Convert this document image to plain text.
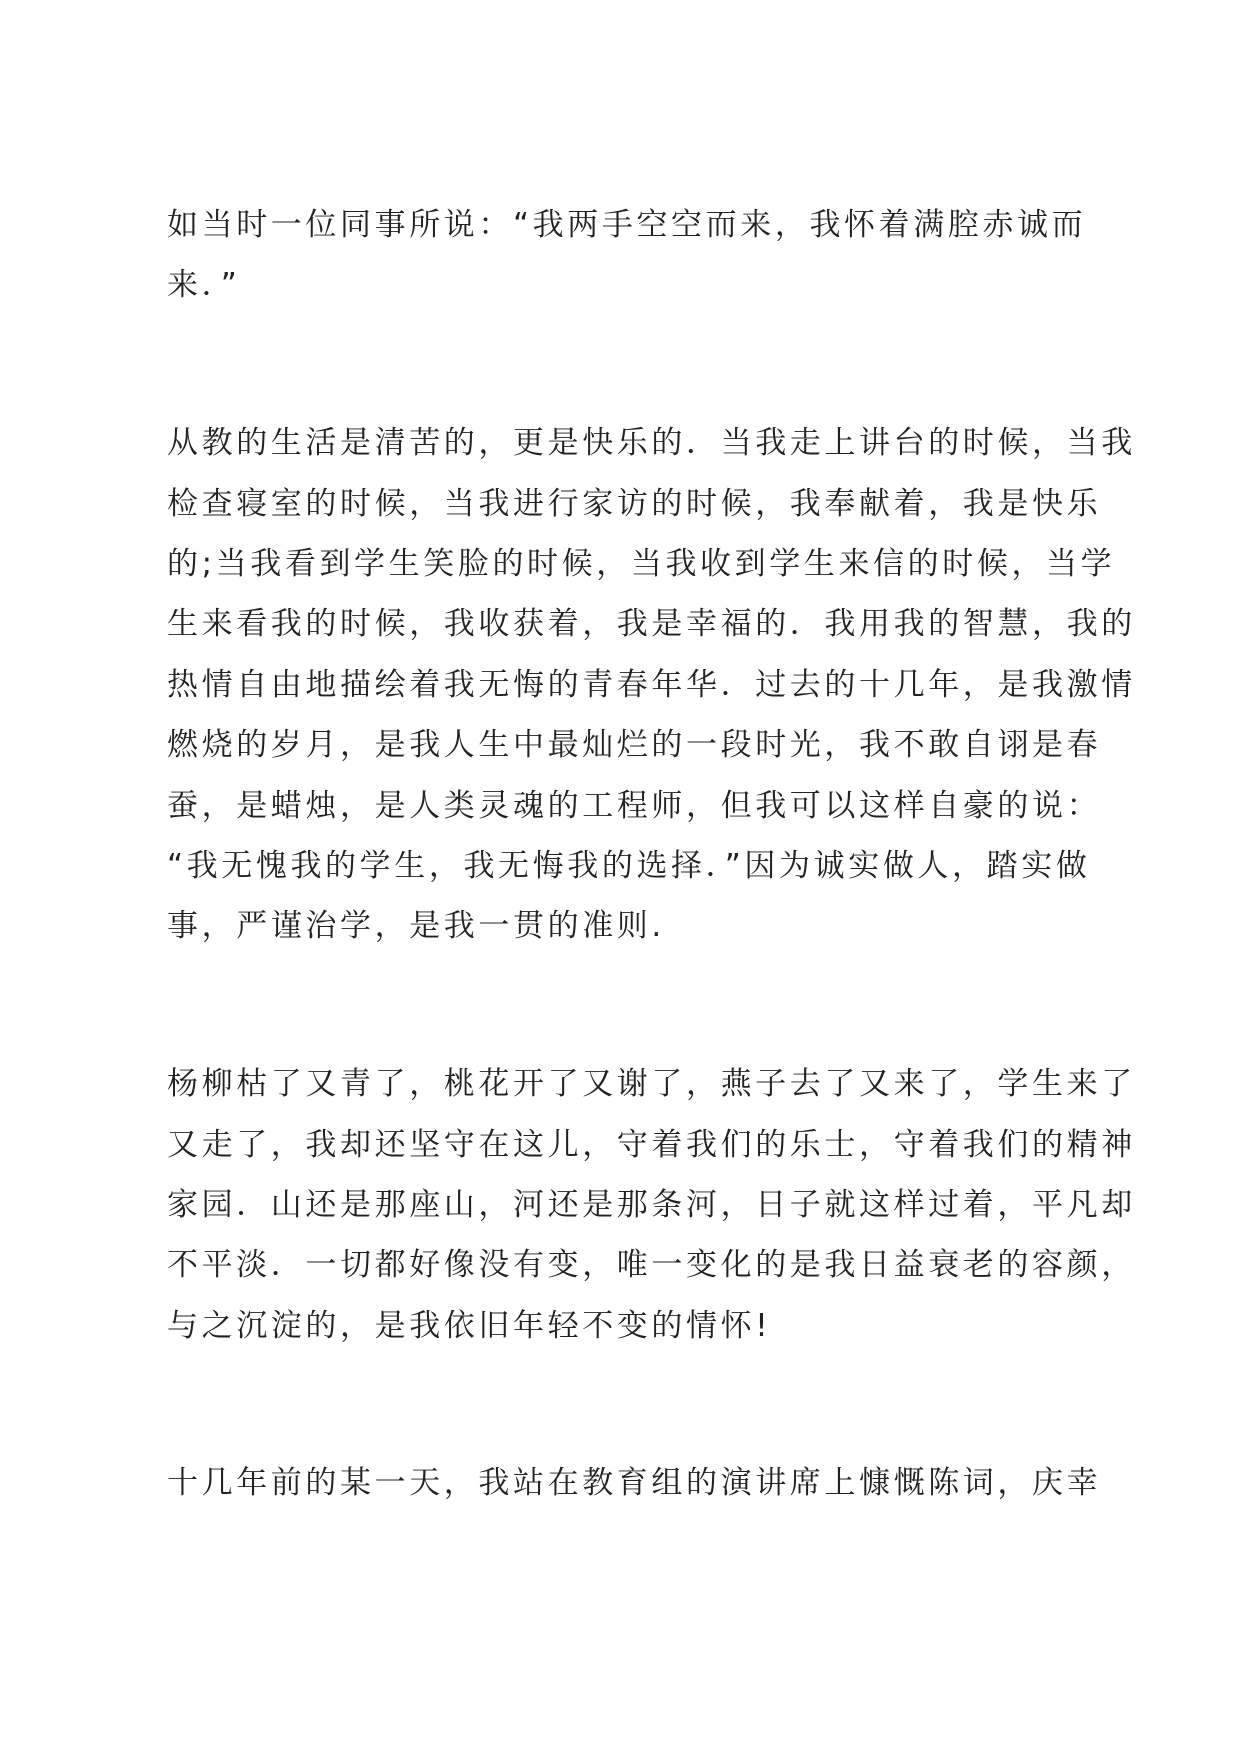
如当时一位同事所说：“我两手空空而来，我怀着满腔赤诚而
来．”
从教的生活是清苦的，更是快乐的．当我走上讲台的时候，当我
检查寝室的时候，当我进行家访的时候，我奉献着，我是快乐
的;当我看到学生笑脸的时候，当我收到学生来信的时候，当学
生来看我的时候，我收获着，我是幸福的．我用我的智慧，我的
热情自由地描绘着我无悔的青春年华．过去的十几年，是我激情
燃烧的岁月，是我人生中最灿烂的一段时光，我不敢自诩是春
蚕，是蜡烛，是人类灵魂的工程师，但我可以这样自豪的说：
“我无愧我的学生，我无悔我的选择．”因为诚实做人，踏实做
事，严谨治学，是我一贯的准则.
杨柳枯了又青了，桃花开了又谢了，燕子去了又来了，学生来了
又走了，我却还坚守在这儿，守着我们的乐士，守着我们的精神
家园．山还是那座山，河还是那条河，日子就这样过着，平凡却
不平淡．一切都好像没有变，唯一变化的是我日益衰老的容颜，
与之沉淀的，是我依旧年轻不变的情怀!
十几年前的某一天，我站在教育组的演讲席上慷慨陈词，庆幸
